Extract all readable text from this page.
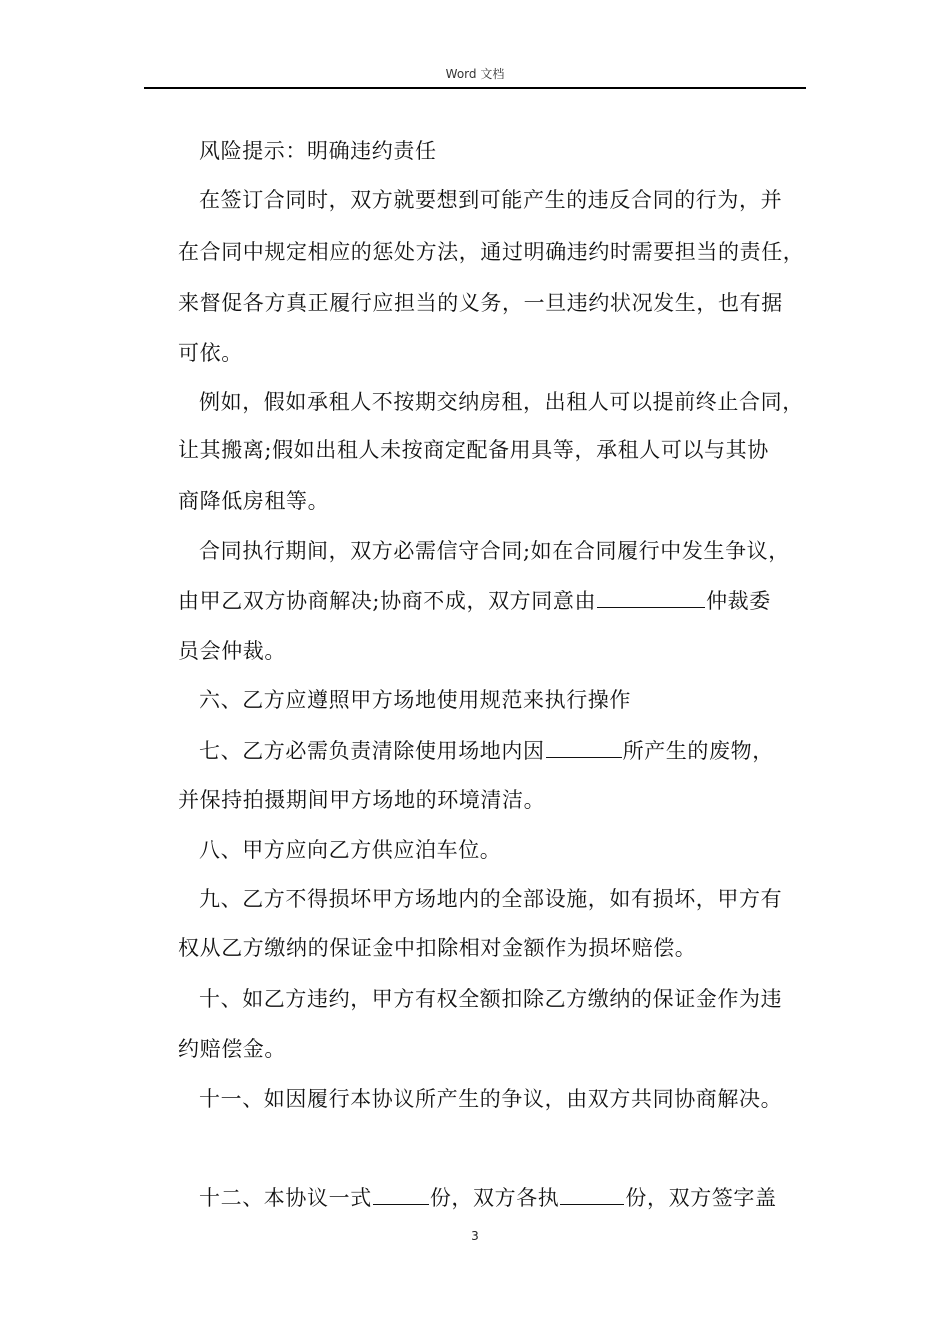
Word 文档
风险提示：明确违约责任
在签订合同时，双方就要想到可能产生的违反合同的行为，并
在合同中规定相应的惩处方法，通过明确违约时需要担当的责任，
来督促各方真正履行应担当的义务，一旦违约状况发生，也有据
可依。
例如，假如承租人不按期交纳房租，出租人可以提前终止合同，
让其搬离;假如出租人未按商定配备用具等，承租人可以与其协
商降低房租等。
合同执行期间，双方必需信守合同;如在合同履行中发生争议，
由甲乙双方协商解决;协商不成，双方同意由	仲裁委
员会仲裁。
六、乙方应遵照甲方场地使用规范来执行操作
七、乙方必需负责清除使用场地内因	所产生的废物，
并保持拍摄期间甲方场地的环境清洁。
八、甲方应向乙方供应泊车位。
九、乙方不得损坏甲方场地内的全部设施，如有损坏，甲方有
权从乙方缴纳的保证金中扣除相对金额作为损坏赔偿。
十、如乙方违约，甲方有权全额扣除乙方缴纳的保证金作为违
约赔偿金。
十一、如因履行本协议所产生的争议，由双方共同协商解决。
十二、本协议一式	份，双方各执	份，双方签字盖
3
